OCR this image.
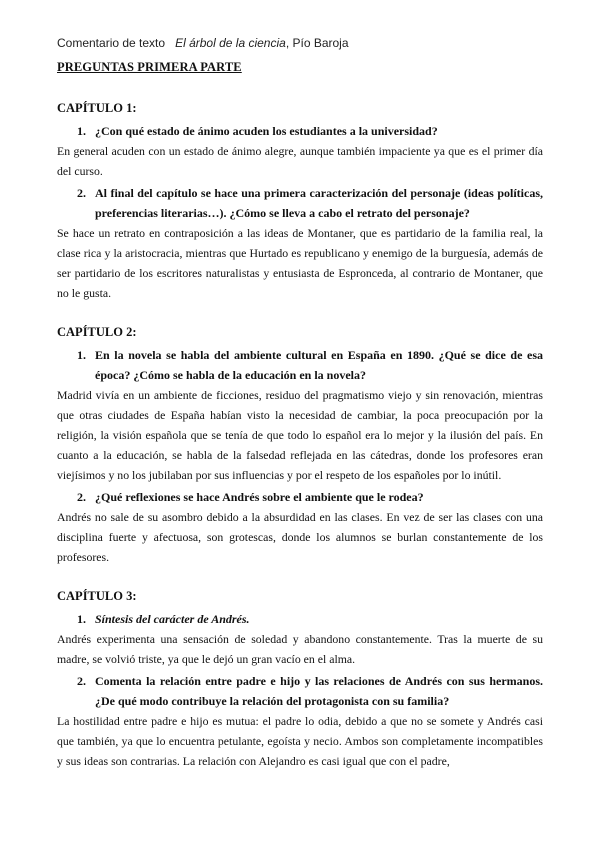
Comentario de texto El árbol de la ciencia, Pío Baroja
PREGUNTAS PRIMERA PARTE
CAPÍTULO 1:
1. ¿Con qué estado de ánimo acuden los estudiantes a la universidad?
En general acuden con un estado de ánimo alegre, aunque también impaciente ya que es el primer día del curso.
2. Al final del capítulo se hace una primera caracterización del personaje (ideas políticas, preferencias literarias…). ¿Cómo se lleva a cabo el retrato del personaje?
Se hace un retrato en contraposición a las ideas de Montaner, que es partidario de la familia real, la clase rica y la aristocracia, mientras que Hurtado es republicano y enemigo de la burguesía, además de ser partidario de los escritores naturalistas y entusiasta de Espronceda, al contrario de Montaner, que no le gusta.
CAPÍTULO 2:
1. En la novela se habla del ambiente cultural en España en 1890. ¿Qué se dice de esa época? ¿Cómo se habla de la educación en la novela?
Madrid vivía en un ambiente de ficciones, residuo del pragmatismo viejo y sin renovación, mientras que otras ciudades de España habían visto la necesidad de cambiar, la poca preocupación por la religión, la visión española que se tenía de que todo lo español era lo mejor y la ilusión del país. En cuanto a la educación, se habla de la falsedad reflejada en las cátedras, donde los profesores eran viejísimos y no los jubilaban por sus influencias y por el respeto de los españoles por lo inútil.
2. ¿Qué reflexiones se hace Andrés sobre el ambiente que le rodea?
Andrés no sale de su asombro debido a la absurdidad en las clases. En vez de ser las clases con una disciplina fuerte y afectuosa, son grotescas, donde los alumnos se burlan constantemente de los profesores.
CAPÍTULO 3:
1. Síntesis del carácter de Andrés.
Andrés experimenta una sensación de soledad y abandono constantemente. Tras la muerte de su madre, se volvió triste, ya que le dejó un gran vacío en el alma.
2. Comenta la relación entre padre e hijo y las relaciones de Andrés con sus hermanos. ¿De qué modo contribuye la relación del protagonista con su familia?
La hostilidad entre padre e hijo es mutua: el padre lo odia, debido a que no se somete y Andrés casi que también, ya que lo encuentra petulante, egoísta y necio. Ambos son completamente incompatibles y sus ideas son contrarias. La relación con Alejandro es casi igual que con el padre,
